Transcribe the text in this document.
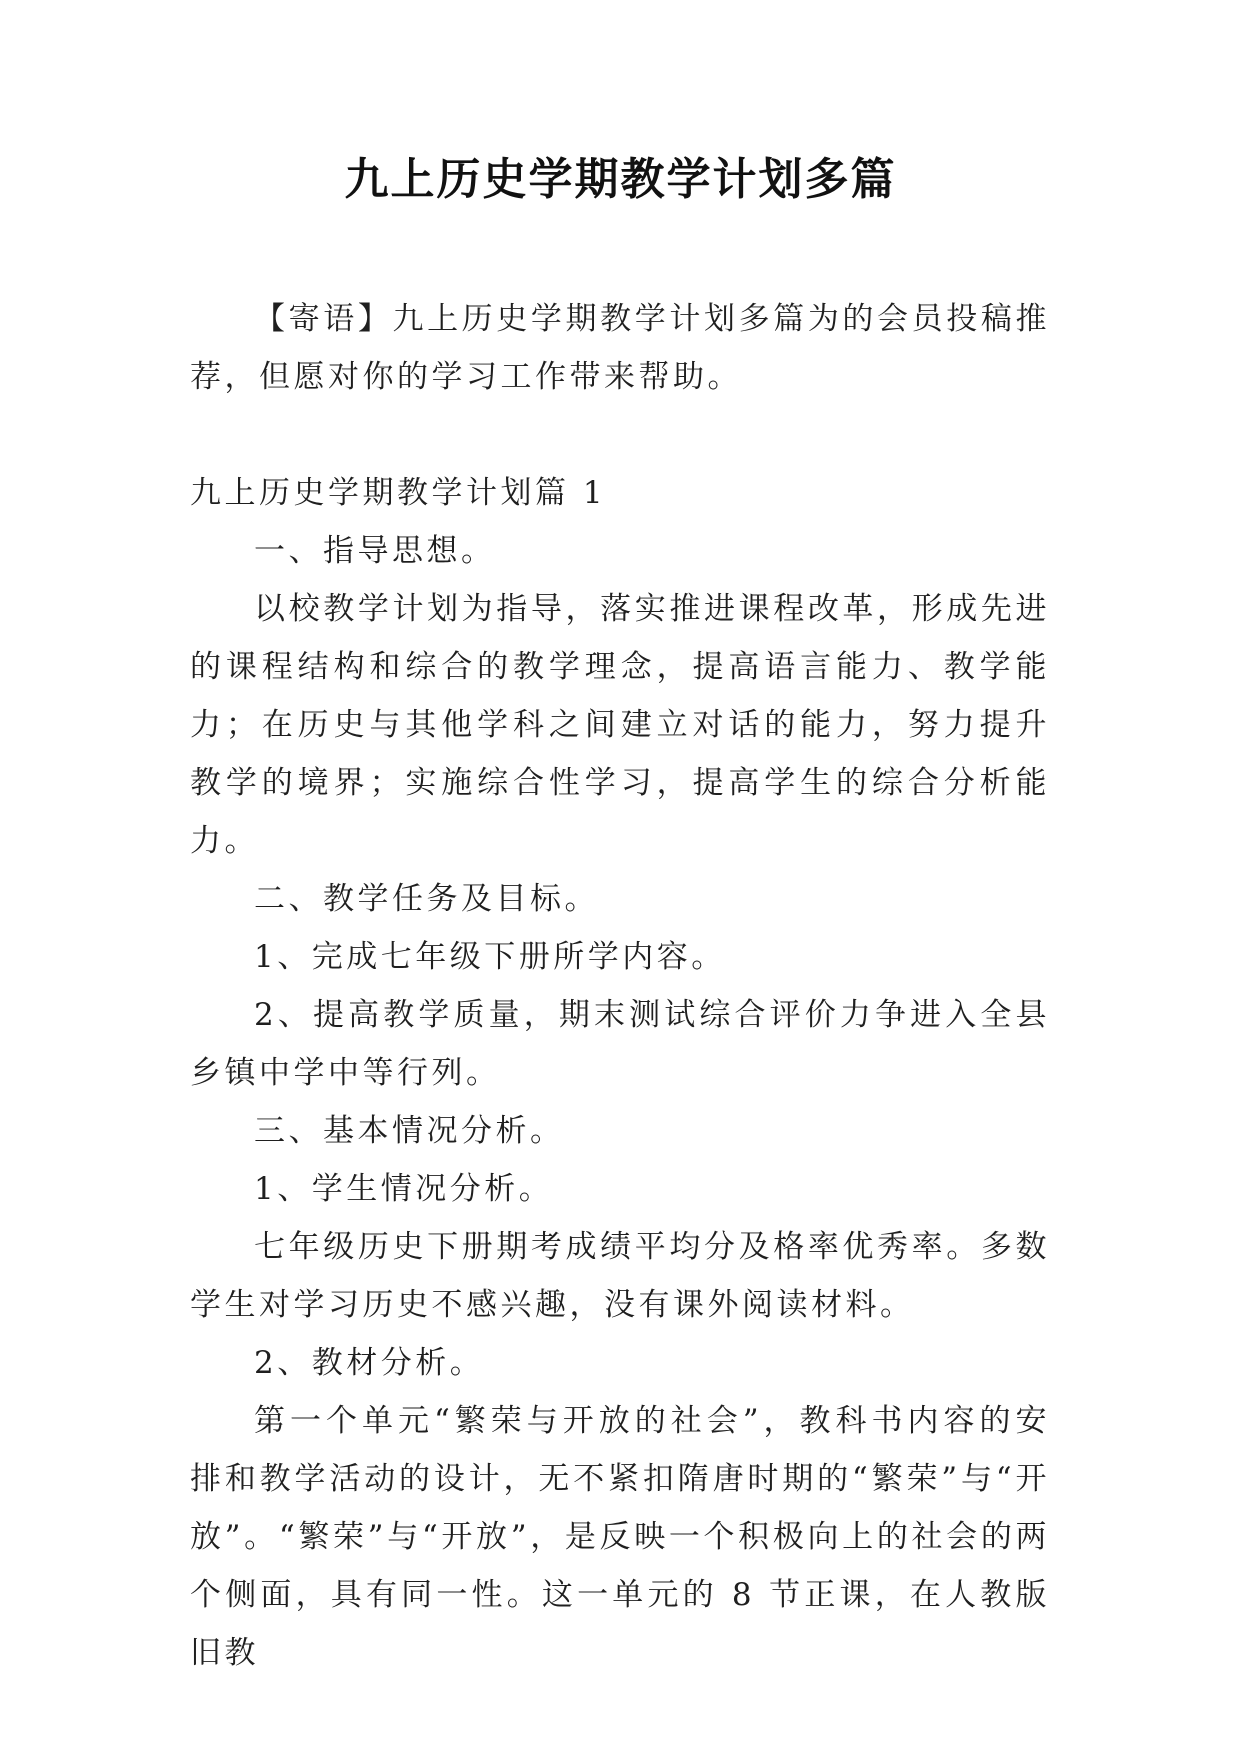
九上历史学期教学计划多篇

【寄语】九上历史学期教学计划多篇为的会员投稿推荐，但愿对你的学习工作带来帮助。

九上历史学期教学计划篇 1

一、指导思想。

以校教学计划为指导，落实推进课程改革，形成先进的课程结构和综合的教学理念，提高语言能力、教学能力；在历史与其他学科之间建立对话的能力，努力提升教学的境界；实施综合性学习，提高学生的综合分析能力。

二、教学任务及目标。

1、完成七年级下册所学内容。

2、提高教学质量，期末测试综合评价力争进入全县乡镇中学中等行列。

三、基本情况分析。

1、学生情况分析。

七年级历史下册期考成绩平均分及格率优秀率。多数学生对学习历史不感兴趣，没有课外阅读材料。

2、教材分析。

第一个单元“繁荣与开放的社会”，教科书内容的安排和教学活动的设计，无不紧扣隋唐时期的“繁荣”与“开放”。“繁荣”与“开放”，是反映一个积极向上的社会的两个侧面，具有同一性。这一单元的 8 节正课，在人教版旧教
